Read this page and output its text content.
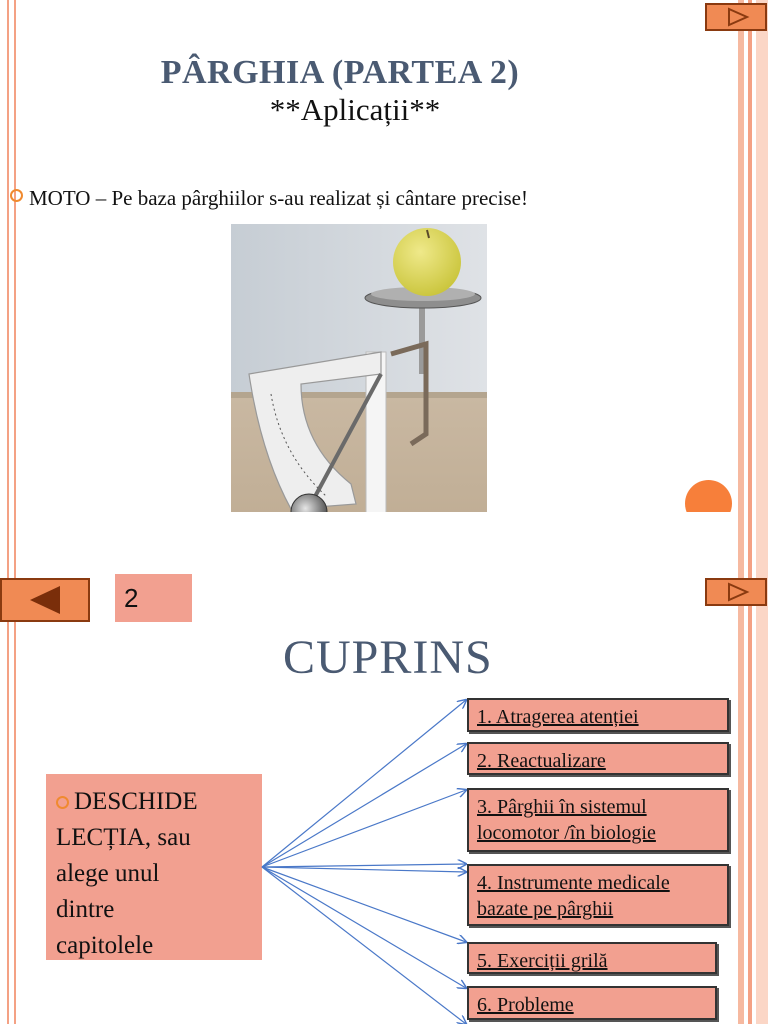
PÂRGHIA (PARTEA 2)
**Aplicații**
MOTO – Pe baza pârghiilor s-au realizat și cântare precise!
2
CUPRINS
DESCHIDE
LECȚIA, sau
alege unul
dintre
capitolele
1. Atragerea atenției
2. Reactualizare
3. Pârghii în sistemul
locomotor /în biologie
4. Instrumente medicale
bazate pe pârghii
5. Exerciții grilă
6. Probleme
